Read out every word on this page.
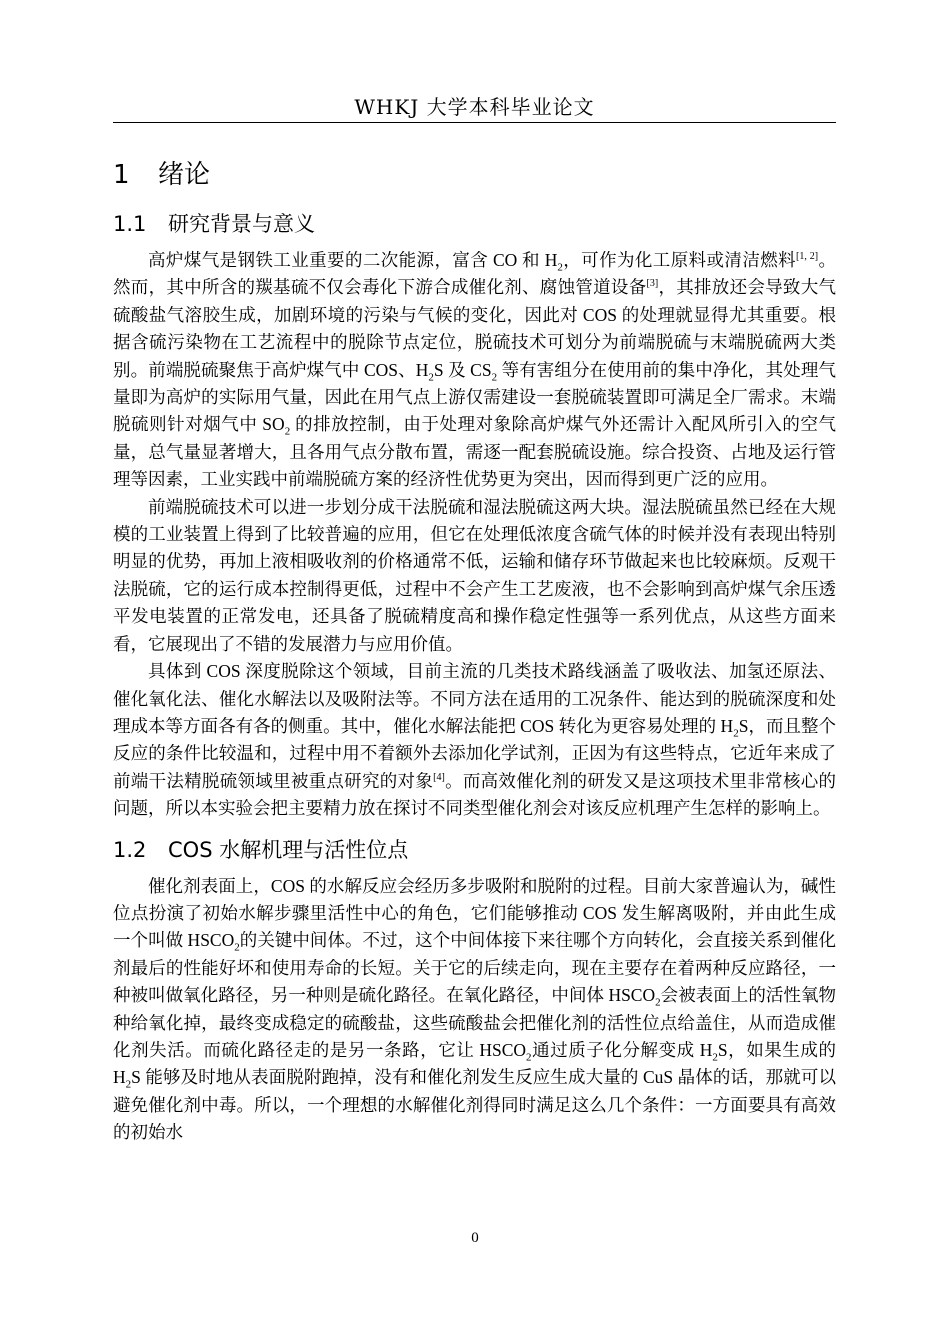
WHKJ 大学本科毕业论文
1 绪论
1.1 研究背景与意义

高炉煤气是钢铁工业重要的二次能源，富含 CO 和 $H_2$，可作为化工原料或清洁燃料[1, 2]。然而，其中所含的羰基硫不仅会毒化下游合成催化剂、腐蚀管道设备[3]，其排放还会导致大气硫酸盐气溶胶生成，加剧环境的污染与气候的变化，因此对 COS 的处理就显得尤其重要。根据含硫污染物在工艺流程中的脱除节点定位，脱硫技术可划分为前端脱硫与末端脱硫两大类别。前端脱硫聚焦于高炉煤气中 COS、$H_2S$ 及 $CS_2$ 等有害组分在使用前的集中净化，其处理气量即为高炉的实际用气量，因此在用气点上游仅需建设一套脱硫装置即可满足全厂需求。末端脱硫则针对烟气中 $SO_2$ 的排放控制，由于处理对象除高炉煤气外还需计入配风所引入的空气量，总气量显著增大，且各用气点分散布置，需逐一配套脱硫设施。综合投资、占地及运行管理等因素，工业实践中前端脱硫方案的经济性优势更为突出，因而得到更广泛的应用。

前端脱硫技术可以进一步划分成干法脱硫和湿法脱硫这两大块。湿法脱硫虽然已经在大规模的工业装置上得到了比较普遍的应用，但它在处理低浓度含硫气体的时候并没有表现出特别明显的优势，再加上液相吸收剂的价格通常不低，运输和储存环节做起来也比较麻烦。反观干法脱硫，它的运行成本控制得更低，过程中不会产生工艺废液，也不会影响到高炉煤气余压透平发电装置的正常发电，还具备了脱硫精度高和操作稳定性强等一系列优点，从这些方面来看，它展现出了不错的发展潜力与应用价值。

具体到 COS 深度脱除这个领域，目前主流的几类技术路线涵盖了吸收法、加氢还原法、催化氧化法、催化水解法以及吸附法等。不同方法在适用的工况条件、能达到的脱硫深度和处理成本等方面各有各的侧重。其中，催化水解法能把 COS 转化为更容易处理的 $H_2S$，而且整个反应的条件比较温和，过程中用不着额外去添加化学试剂，正因为有这些特点，它近年来成了前端干法精脱硫领域里被重点研究的对象[4]。而高效催化剂的研发又是这项技术里非常核心的问题，所以本实验会把主要精力放在探讨不同类型催化剂会对该反应机理产生怎样的影响上。

1.2 COS 水解机理与活性位点

催化剂表面上，COS 的水解反应会经历多步吸附和脱附的过程。目前大家普遍认为，碱性位点扮演了初始水解步骤里活性中心的角色，它们能够推动 COS 发生解离吸附，并由此生成一个叫做 $HSCO_2$的关键中间体。不过，这个中间体接下来往哪个方向转化，会直接关系到催化剂最后的性能好坏和使用寿命的长短。关于它的后续走向，现在主要存在着两种反应路径，一种被叫做氧化路径，另一种则是硫化路径。在氧化路径，中间体 $HSCO_2$会被表面上的活性氧物种给氧化掉，最终变成稳定的硫酸盐，这些硫酸盐会把催化剂的活性位点给盖住，从而造成催化剂失活。而硫化路径走的是另一条路，它让 $HSCO_2$通过质子化分解变成 $H_2S$，如果生成的 $H_2S$ 能够及时地从表面脱附跑掉，没有和催化剂发生反应生成大量的 CuS 晶体的话，那就可以避免催化剂中毒。所以，一个理想的水解催化剂得同时满足这么几个条件：一方面要具有高效的初始水

0
